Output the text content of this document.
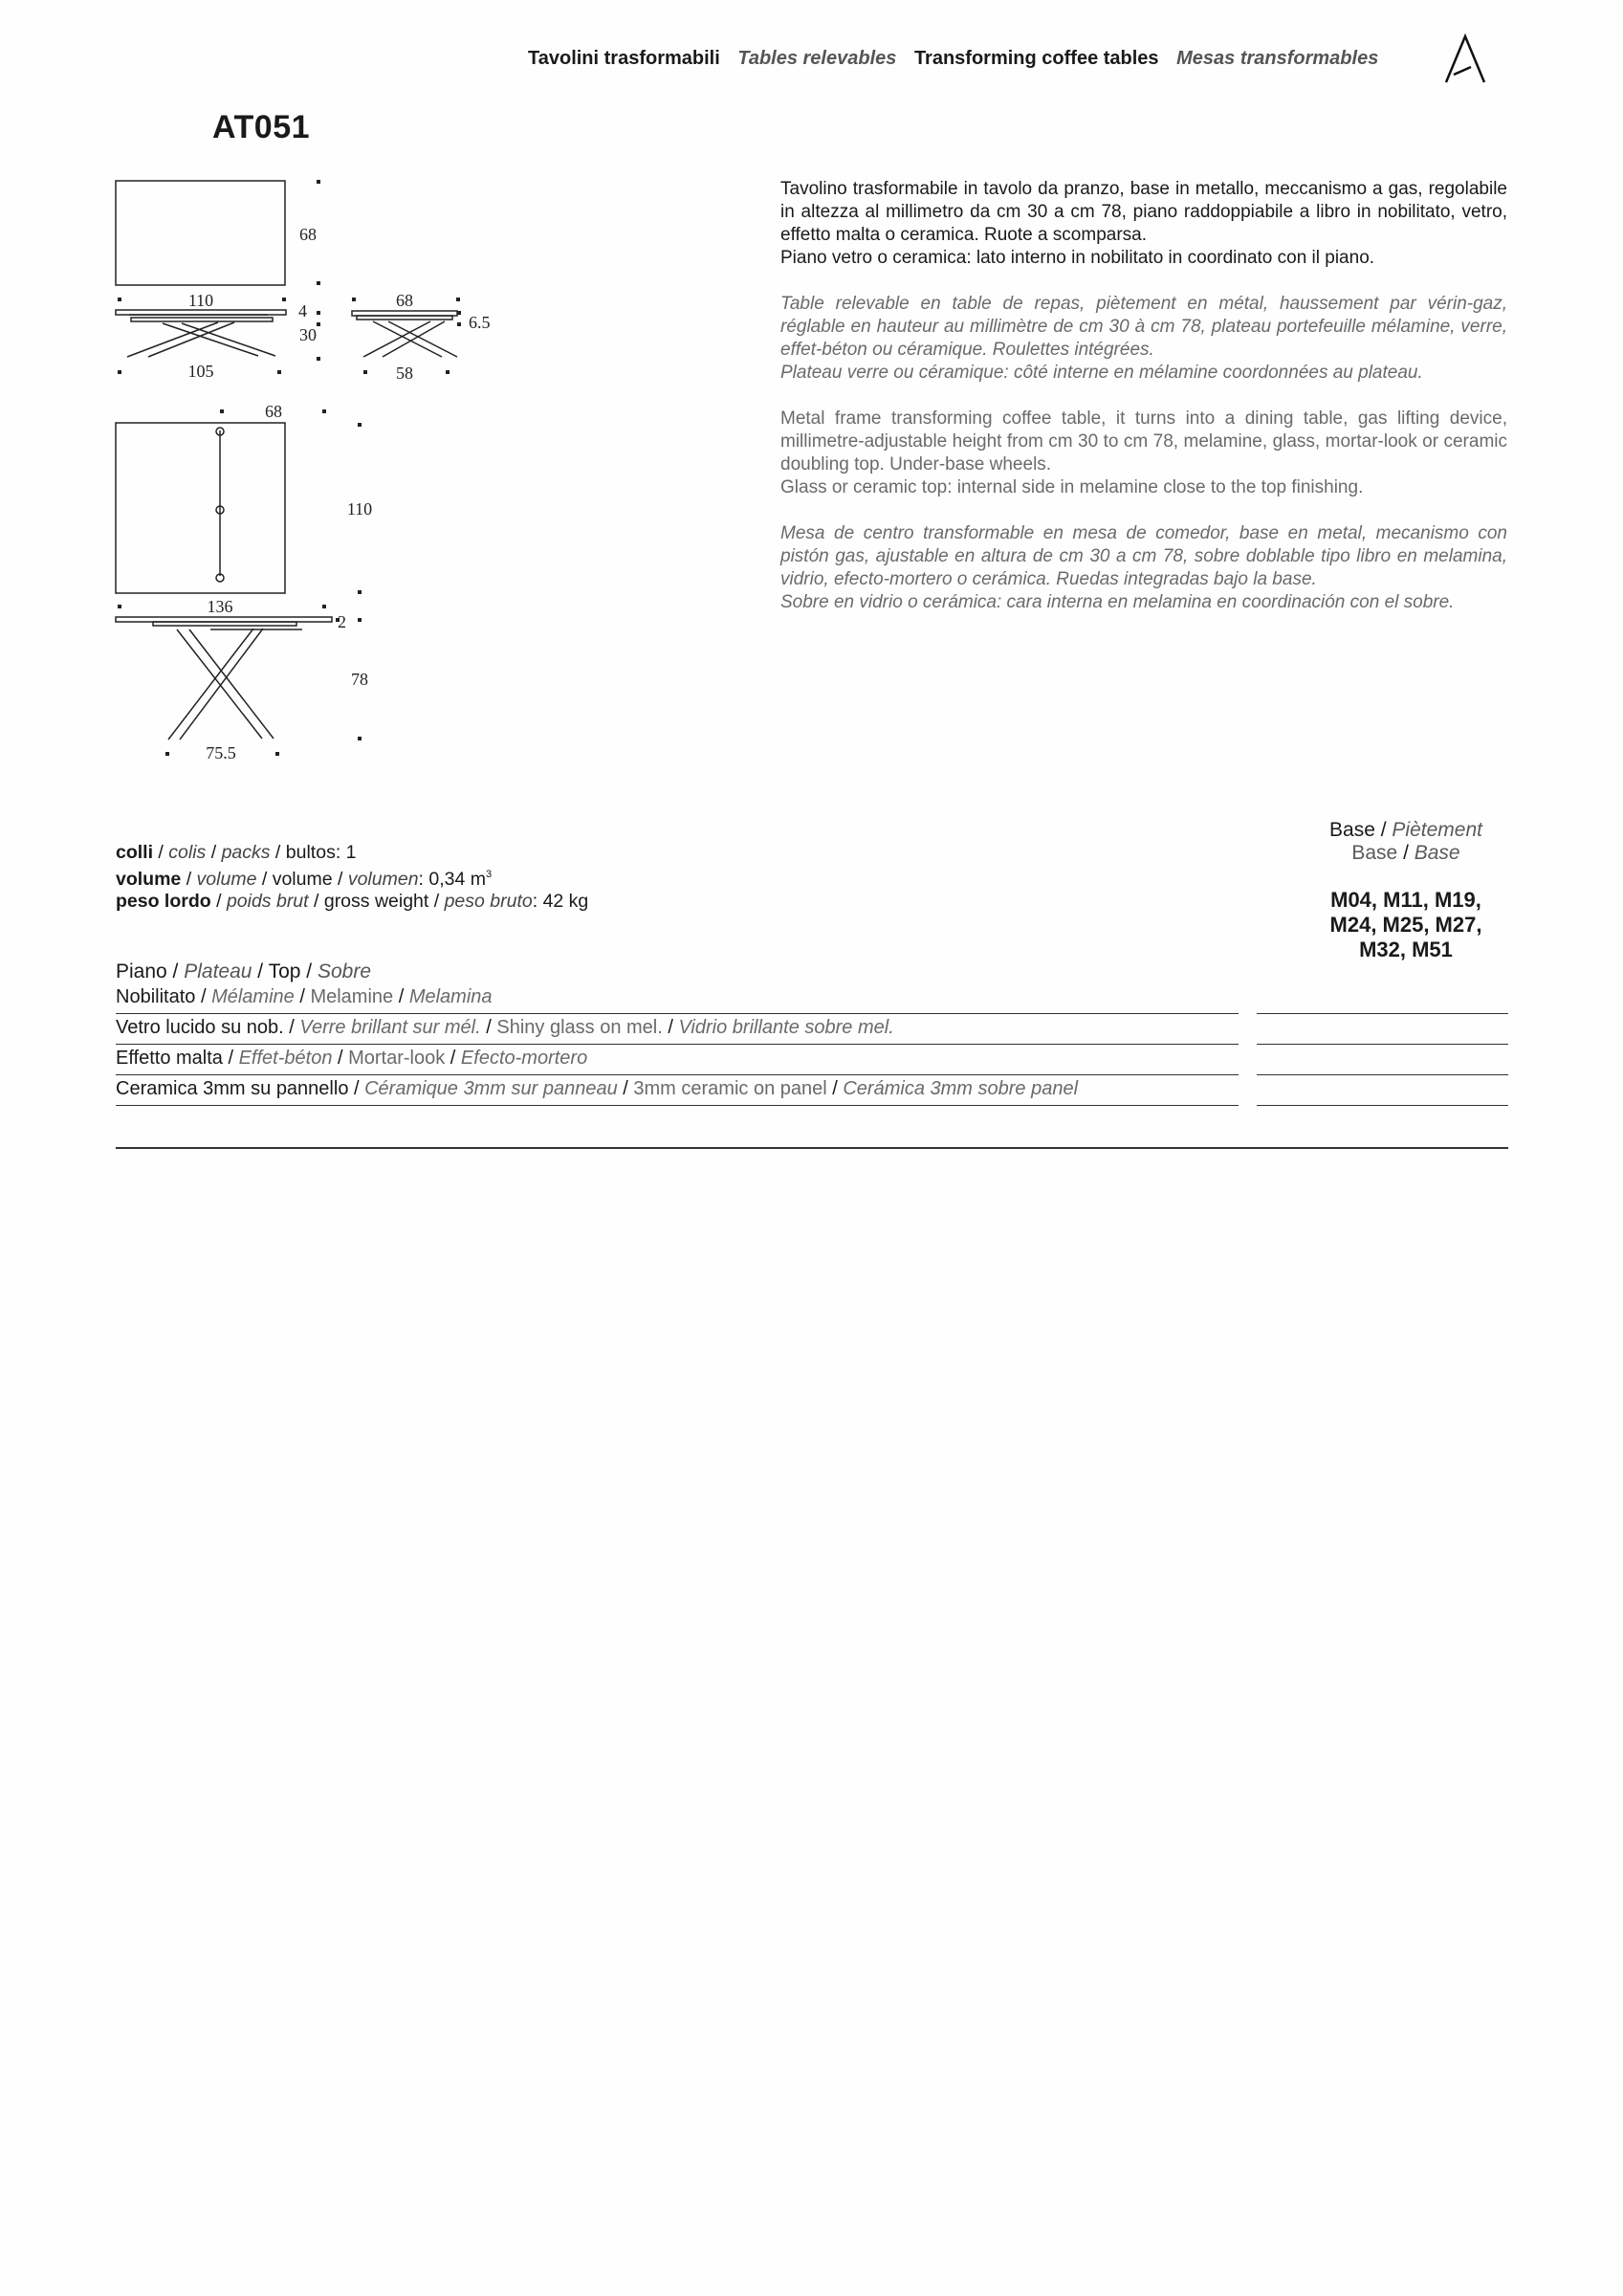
Tavolini trasformabili Tables relevables Transforming coffee tables Mesas transformables
AT051
68
110
4
30
105
68
6.5
58
68
110
136
2
78
75.5

Tavolino trasformabile in tavolo da pranzo, base in metallo, meccanismo a gas, regolabile in altezza al millimetro da cm 30 a cm 78, piano raddoppiabile a libro in nobilitato, vetro, effetto malta o ceramica. Ruote a scomparsa.
Piano vetro o ceramica: lato interno in nobilitato in coordinato con il piano.

Table relevable en table de repas, piètement en métal, haussement par vérin-gaz, réglable en hauteur au millimètre de cm 30 à cm 78, plateau portefeuille mélamine, verre, effet-béton ou céramique. Roulettes intégrées.
Plateau verre ou céramique: côté interne en mélamine coordonnées au plateau.

Metal frame transforming coffee table, it turns into a dining table, gas lifting device, millimetre-adjustable height from cm 30 to cm 78, melamine, glass, mortar-look or ceramic doubling top. Under-base wheels.
Glass or ceramic top: internal side in melamine close to the top finishing.

Mesa de centro transformable en mesa de comedor, base en metal, mecanismo con pistón gas, ajustable en altura de cm 30 a cm 78, sobre doblable tipo libro en melamina, vidrio, efecto-mortero o cerámica. Ruedas integradas bajo la base.
Sobre en vidrio o cerámica: cara interna en melamina en coordinación con el sobre.

colli / colis / packs / bultos: 1
volume / volume / volume / volumen: 0,34 $m^3$
peso lordo / poids brut / gross weight / peso bruto: 42 kg
Base / Piètement
Base / Base
M04, M11, M19,
M24, M25, M27,
M32, M51
Piano / Plateau / Top / Sobre
Nobilitato / Mélamine / Melamine / Melamina
Vetro lucido su nob. / Verre brillant sur mél. / Shiny glass on mel. / Vidrio brillante sobre mel.
Effetto malta / Effet-béton / Mortar-look / Efecto-mortero
Ceramica 3mm su pannello / Céramique 3mm sur panneau / 3mm ceramic on panel / Cerámica 3mm sobre panel
